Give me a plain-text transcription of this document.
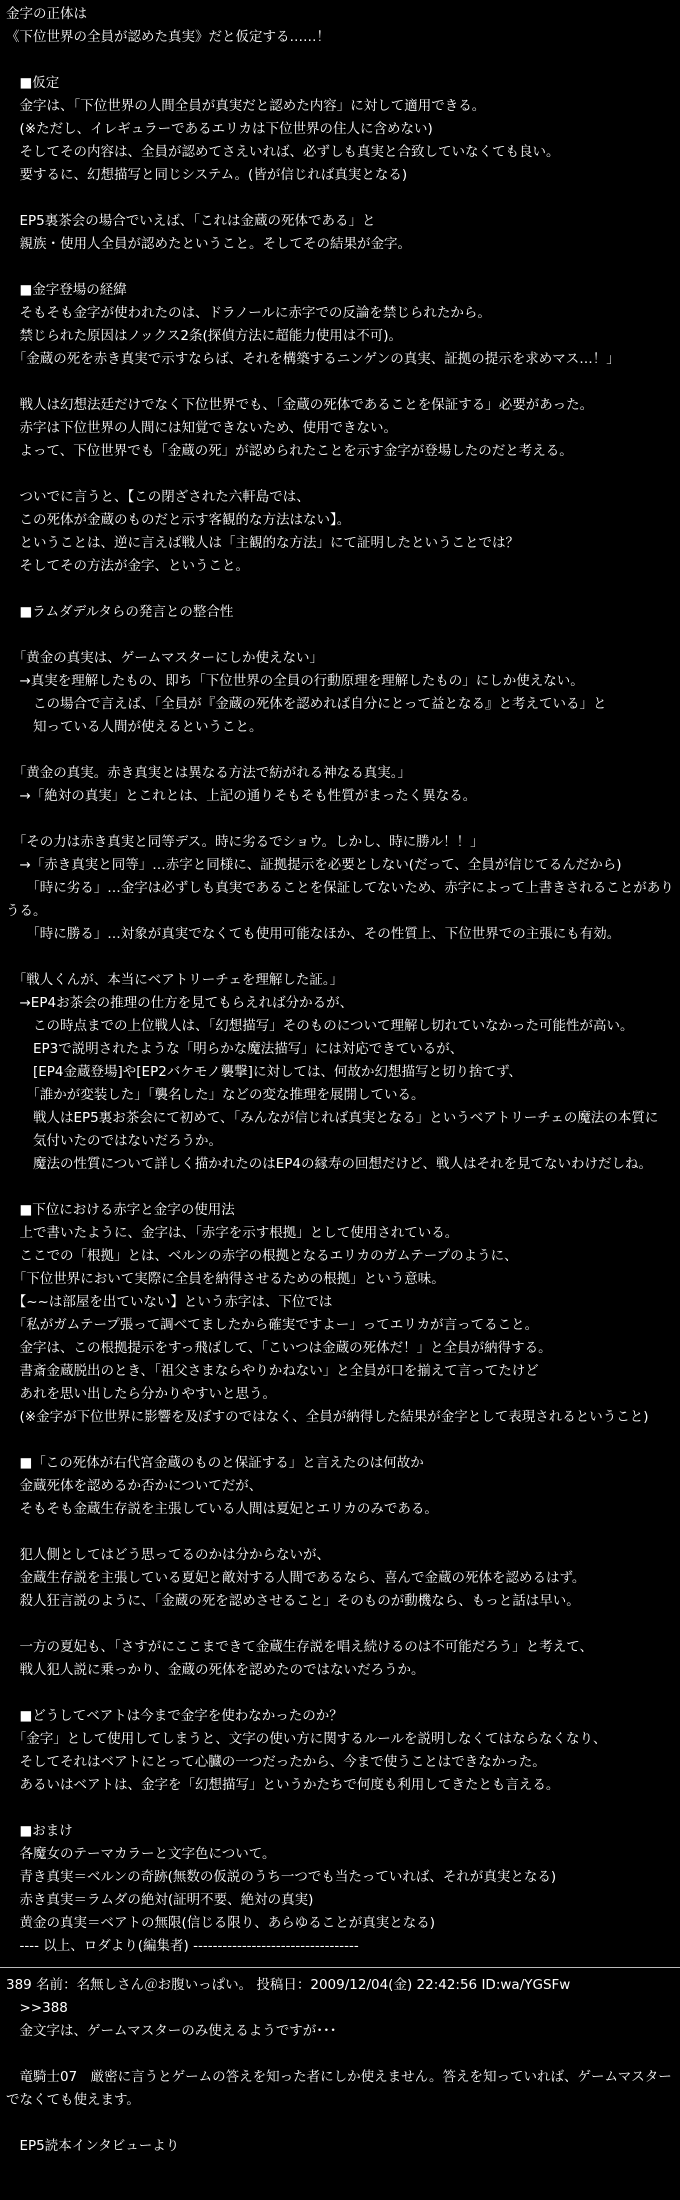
金字の正体は
《下位世界の全員が認めた真実》だと仮定する……！
　■仮定
　金字は、「下位世界の人間全員が真実だと認めた内容」に対して適用できる。
　(※ただし、イレギュラーであるエリカは下位世界の住人に含めない)
　そしてその内容は、全員が認めてさえいれば、必ずしも真実と合致していなくても良い。
　要するに、幻想描写と同じシステム。(皆が信じれば真実となる)
　EP5裏茶会の場合でいえば、「これは金蔵の死体である」と
　親族・使用人全員が認めたということ。そしてその結果が金字。
　■金字登場の経緯
　そもそも金字が使われたのは、ドラノールに赤字での反論を禁じられたから。
　禁じられた原因はノックス2条(探偵方法に超能力使用は不可)。
　「金蔵の死を赤き真実で示すならば、それを構築するニンゲンの真実、証拠の提示を求めマス…！」
　戦人は幻想法廷だけでなく下位世界でも、「金蔵の死体であることを保証する」必要があった。
　赤字は下位世界の人間には知覚できないため、使用できない。
　よって、下位世界でも「金蔵の死」が認められたことを示す金字が登場したのだと考える。
　ついでに言うと、【この閉ざされた六軒島では、
　この死体が金蔵のものだと示す客観的な方法はない】。
　ということは、逆に言えば戦人は「主観的な方法」にて証明したということでは？
　そしてその方法が金字、ということ。
　■ラムダデルタらの発言との整合性
　「黄金の真実は、ゲームマスターにしか使えない」
　→真実を理解したもの、即ち「下位世界の全員の行動原理を理解したもの」にしか使えない。
　　この場合で言えば、「全員が『金蔵の死体を認めれば自分にとって益となる』と考えている」と
　　知っている人間が使えるということ。
　「黄金の真実。赤き真実とは異なる方法で紡がれる神なる真実。」
　→「絶対の真実」とこれとは、上記の通りそもそも性質がまったく異なる。
　「その力は赤き真実と同等デス。時に劣るでショウ。しかし、時に勝ル！！」
　→「赤き真実と同等」…赤字と同様に、証拠提示を必要としない(だって、全員が信じてるんだから)
　　「時に劣る」…金字は必ずしも真実であることを保証してないため、赤字によって上書きされることがありうる。
　　「時に勝る」…対象が真実でなくても使用可能なほか、その性質上、下位世界での主張にも有効。
　「戦人くんが、本当にベアトリーチェを理解した証。」
　→EP4お茶会の推理の仕方を見てもらえれば分かるが、
　　この時点までの上位戦人は、「幻想描写」そのものについて理解し切れていなかった可能性が高い。
　　EP3で説明されたような「明らかな魔法描写」には対応できているが、
　　[EP4金蔵登場]や[EP2バケモノ襲撃]に対しては、何故か幻想描写と切り捨てず、
　　「誰かが変装した」「襲名した」などの変な推理を展開している。
　　戦人はEP5裏お茶会にて初めて、「みんなが信じれば真実となる」というベアトリーチェの魔法の本質に
　　気付いたのではないだろうか。
　　魔法の性質について詳しく描かれたのはEP4の縁寿の回想だけど、戦人はそれを見てないわけだしね。
　■下位における赤字と金字の使用法
　上で書いたように、金字は、「赤字を示す根拠」として使用されている。
　ここでの「根拠」とは、ベルンの赤字の根拠となるエリカのガムテープのように、
　「下位世界において実際に全員を納得させるための根拠」という意味。
　【~~は部屋を出ていない】という赤字は、下位では
　「私がガムテープ張って調べてましたから確実ですよー」ってエリカが言ってること。
　金字は、この根拠提示をすっ飛ばして、「こいつは金蔵の死体だ！」と全員が納得する。
　書斎金蔵脱出のとき、「祖父さまならやりかねない」と全員が口を揃えて言ってたけど
　あれを思い出したら分かりやすいと思う。
　(※金字が下位世界に影響を及ぼすのではなく、全員が納得した結果が金字として表現されるということ)
　■「この死体が右代宮金蔵のものと保証する」と言えたのは何故か
　金蔵死体を認めるか否かについてだが、
　そもそも金蔵生存説を主張している人間は夏妃とエリカのみである。
　犯人側としてはどう思ってるのかは分からないが、
　金蔵生存説を主張している夏妃と敵対する人間であるなら、喜んで金蔵の死体を認めるはず。
　殺人狂言説のように、「金蔵の死を認めさせること」そのものが動機なら、もっと話は早い。
　一方の夏妃も、「さすがにここまできて金蔵生存説を唱え続けるのは不可能だろう」と考えて、
　戦人犯人説に乗っかり、金蔵の死体を認めたのではないだろうか。
　■どうしてベアトは今まで金字を使わなかったのか？
　「金字」として使用してしまうと、文字の使い方に関するルールを説明しなくてはならなくなり、
　そしてそれはベアトにとって心臓の一つだったから、今まで使うことはできなかった。
　あるいはベアトは、金字を「幻想描写」というかたちで何度も利用してきたとも言える。
　■おまけ
　各魔女のテーマカラーと文字色について。
　青き真実＝ベルンの奇跡(無数の仮説のうち一つでも当たっていれば、それが真実となる)
　赤き真実＝ラムダの絶対(証明不要、絶対の真実)
　黄金の真実＝ベアトの無限(信じる限り、あらゆることが真実となる)
　---- 以上、ロダより(編集者) ----------------------------------
389 名前：名無しさん＠お腹いっぱい。 投稿日：2009/12/04(金) 22:42:56 ID:wa/YGSFw
　>>388
　金文字は、ゲームマスターのみ使えるようですが･･･
　竜騎士07　厳密に言うとゲームの答えを知った者にしか使えません。答えを知っていれば、ゲームマスターでなくても使えます。
　EP5読本インタビューより
